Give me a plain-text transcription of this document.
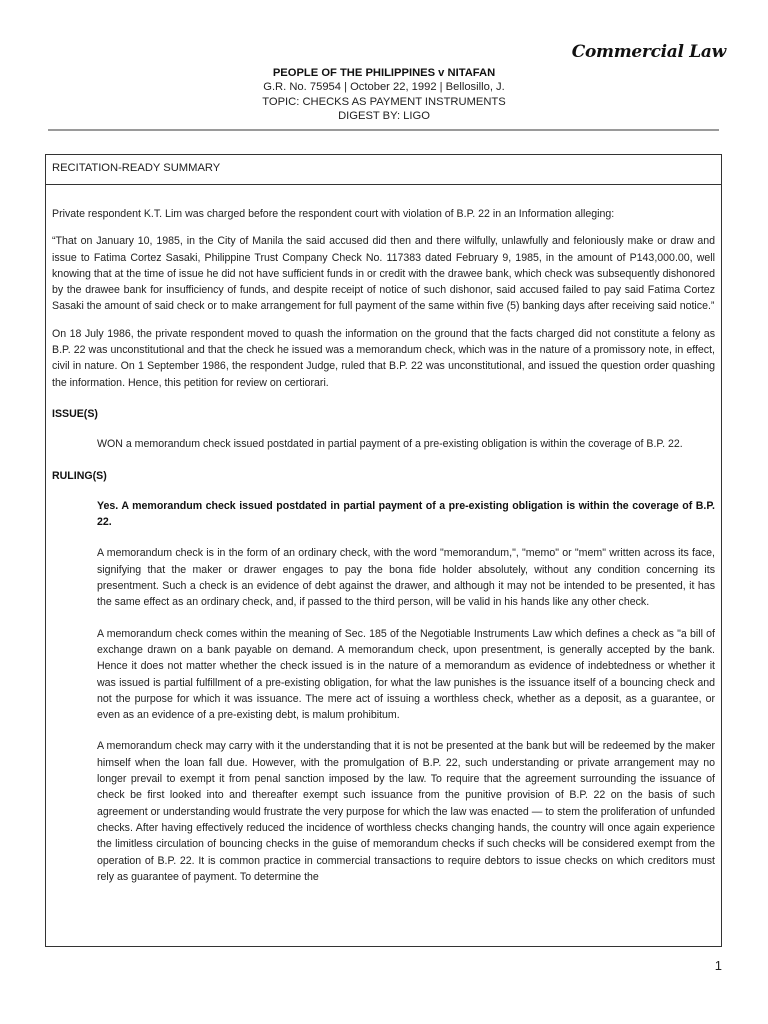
Commercial Law
PEOPLE OF THE PHILIPPINES v NITAFAN
G.R. No. 75954 | October 22, 1992 | Bellosillo, J.
TOPIC: CHECKS AS PAYMENT INSTRUMENTS
DIGEST BY: LIGO
RECITATION-READY SUMMARY

Private respondent K.T. Lim was charged before the respondent court with violation of B.P. 22 in an Information alleging:

“That on January 10, 1985, in the City of Manila the said accused did then and there wilfully, unlawfully and feloniously make or draw and issue to Fatima Cortez Sasaki, Philippine Trust Company Check No. 117383 dated February 9, 1985, in the amount of P143,000.00, well knowing that at the time of issue he did not have sufficient funds in or credit with the drawee bank, which check was subsequently dishonored by the drawee bank for insufficiency of funds, and despite receipt of notice of such dishonor, said accused failed to pay said Fatima Cortez Sasaki the amount of said check or to make arrangement for full payment of the same within five (5) banking days after receiving said notice.”

On 18 July 1986, the private respondent moved to quash the information on the ground that the facts charged did not constitute a felony as B.P. 22 was unconstitutional and that the check he issued was a memorandum check, which was in the nature of a promissory note, in effect, civil in nature. On 1 September 1986, the respondent Judge, ruled that B.P. 22 was unconstitutional, and issued the question order quashing the information. Hence, this petition for review on certiorari.

ISSUE(S)

WON a memorandum check issued postdated in partial payment of a pre-existing obligation is within the coverage of B.P. 22.

RULING(S)

Yes. A memorandum check issued postdated in partial payment of a pre-existing obligation is within the coverage of B.P. 22.

A memorandum check is in the form of an ordinary check, with the word "memorandum,", "memo" or "mem" written across its face, signifying that the maker or drawer engages to pay the bona fide holder absolutely, without any condition concerning its presentment. Such a check is an evidence of debt against the drawer, and although it may not be intended to be presented, it has the same effect as an ordinary check, and, if passed to the third person, will be valid in his hands like any other check.

A memorandum check comes within the meaning of Sec. 185 of the Negotiable Instruments Law which defines a check as "a bill of exchange drawn on a bank payable on demand. A memorandum check, upon presentment, is generally accepted by the bank. Hence it does not matter whether the check issued is in the nature of a memorandum as evidence of indebtedness or whether it was issued is partial fulfillment of a pre-existing obligation, for what the law punishes is the issuance itself of a bouncing check and not the purpose for which it was issuance. The mere act of issuing a worthless check, whether as a deposit, as a guarantee, or even as an evidence of a pre-existing debt, is malum prohibitum.

A memorandum check may carry with it the understanding that it is not be presented at the bank but will be redeemed by the maker himself when the loan fall due. However, with the promulgation of B.P. 22, such understanding or private arrangement may no longer prevail to exempt it from penal sanction imposed by the law. To require that the agreement surrounding the issuance of check be first looked into and thereafter exempt such issuance from the punitive provision of B.P. 22 on the basis of such agreement or understanding would frustrate the very purpose for which the law was enacted — to stem the proliferation of unfunded checks. After having effectively reduced the incidence of worthless checks changing hands, the country will once again experience the limitless circulation of bouncing checks in the guise of memorandum checks if such checks will be considered exempt from the operation of B.P. 22. It is common practice in commercial transactions to require debtors to issue checks on which creditors must rely as guarantee of payment. To determine the

1
